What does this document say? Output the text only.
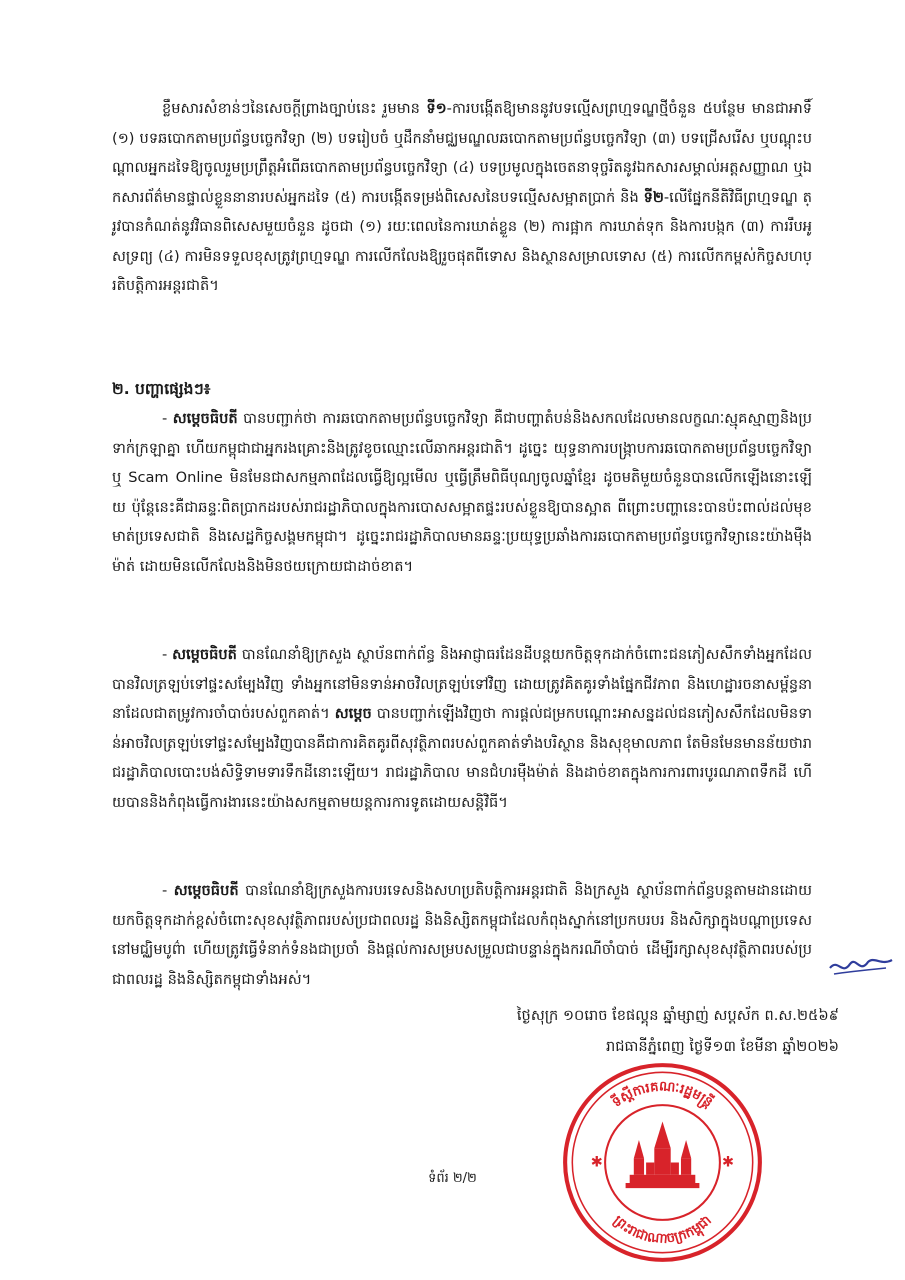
ខ្លឹមសារសំខាន់ៗនៃសេចក្ដីព្រាងច្បាប់នេះ រួមមាន ទី១-ការបង្កើតឱ្យមាននូវបទល្មើសព្រហ្មទណ្ឌថ្មីចំនួន ៥បន្ថែម មានជាអាទិ៍ (១) បទឆបោកតាមប្រព័ន្ធបច្ចេកវិទ្យា (២) បទរៀបចំ ឬដឹកនាំមជ្ឈមណ្ឌលឆបោកតាមប្រព័ន្ធបច្ចេកវិទ្យា (៣) បទជ្រើសរើស ឬបណ្ដុះបណ្ដាលអ្នកដទៃឱ្យចូលរួមប្រព្រឹត្តអំពើឆបោកតាមប្រព័ន្ធបច្ចេកវិទ្យា (៤) បទប្រមូលក្នុងចេតនាទុច្ចរិតនូវឯកសារសម្គាល់អត្តសញ្ញាណ ឬឯកសារព័ត៌មានផ្ទាល់ខ្លួននានារបស់អ្នកដទៃ (៥) ការបង្កើតទម្រង់ពិសេសនៃបទល្មើសសម្អាតប្រាក់ និង ទី២-លើផ្នែកនីតិវិធីព្រហ្មទណ្ឌ ត្រូវបានកំណត់នូវវិធានពិសេសមួយចំនួន ដូចជា (១) រយៈពេលនៃការឃាត់ខ្លួន (២) ការផ្អាក ការឃាត់ទុក និងការបង្កក (៣) ការរឹបអូសទ្រព្យ (៤) ការមិនទទួលខុសត្រូវព្រហ្មទណ្ឌ ការលើកលែងឱ្យរួចផុតពីទោស និងស្ថានសម្រាលទោស (៥) ការលើកកម្ពស់កិច្ចសហប្រតិបត្តិការអន្តរជាតិ។

២. បញ្ហាផ្សេងៗ៖

- សម្ដេចធិបតី បានបញ្ជាក់ថា ការឆបោកតាមប្រព័ន្ធបច្ចេកវិទ្យា គឺជាបញ្ហាតំបន់និងសកលដែលមានលក្ខណៈស្មុគស្មាញនិងប្រទាក់ក្រឡាគ្នា ហើយកម្ពុជាជាអ្នករងគ្រោះនិងត្រូវខូចឈ្មោះលើឆាកអន្តរជាតិ។ ដូច្នេះ យុទ្ធនាការបង្ក្រាបការឆបោកតាមប្រព័ន្ធបច្ចេកវិទ្យា ឬ Scam Online មិនមែនជាសកម្មភាពដែលធ្វើឱ្យល្អមើល ឬធ្វើត្រឹមពិធីបុណ្យចូលឆ្នាំខ្មែរ ដូចមតិមួយចំនួនបានលើកឡើងនោះឡើយ ប៉ុន្តែនេះគឺជាឆន្ទៈពិតប្រាកដរបស់រាជរដ្ឋាភិបាលក្នុងការបោសសម្អាតផ្ទះរបស់ខ្លួនឱ្យបានស្អាត ពីព្រោះបញ្ហានេះបានប៉ះពាល់ដល់មុខមាត់ប្រទេសជាតិ និងសេដ្ឋកិច្ចសង្គមកម្ពុជា។ ដូច្នេះរាជរដ្ឋាភិបាលមានឆន្ទៈប្រយុទ្ធប្រឆាំងការឆបោកតាមប្រព័ន្ធបច្ចេកវិទ្យានេះយ៉ាងម៉ឺងម៉ាត់ ដោយមិនលើកលែងនិងមិនថយក្រោយជាដាច់ខាត។

- សម្ដេចធិបតី បានណែនាំឱ្យក្រសួង ស្ថាប័នពាក់ព័ន្ធ និងអាជ្ញាធរដែនដីបន្តយកចិត្តទុកដាក់ចំពោះជនភៀសសឹកទាំងអ្នកដែលបានវិលត្រឡប់ទៅផ្ទះសម្បែងវិញ ទាំងអ្នកនៅមិនទាន់អាចវិលត្រឡប់ទៅវិញ ដោយត្រូវគិតគូរទាំងផ្នែកជីវភាព និងហេដ្ឋារចនាសម្ព័ន្ធនានាដែលជាតម្រូវការចាំបាច់របស់ពួកគាត់។ សម្ដេច បានបញ្ជាក់ឡើងវិញថា ការផ្ដល់ជម្រកបណ្ដោះអាសន្នដល់ជនភៀសសឹកដែលមិនទាន់អាចវិលត្រឡប់ទៅផ្ទះសម្បែងវិញបានគឺជាការគិតគូរពីសុវត្ថិភាពរបស់ពួកគាត់ទាំងបរិស្ថាន និងសុខុមាលភាព តែមិនមែនមានន័យថារាជរដ្ឋាភិបាលបោះបង់សិទ្ធិទាមទារទឹកដីនោះឡើយ។ រាជរដ្ឋាភិបាល មានជំហរម៉ឺងម៉ាត់ និងដាច់ខាតក្នុងការការពារបូរណភាពទឹកដី ហើយបាននិងកំពុងធ្វើការងារនេះយ៉ាងសកម្មតាមយន្តការការទូតដោយសន្តិវិធី។

- សម្ដេចធិបតី បានណែនាំឱ្យក្រសួងការបរទេសនិងសហប្រតិបត្តិការអន្តរជាតិ និងក្រសួង ស្ថាប័នពាក់ព័ន្ធបន្តតាមដានដោយយកចិត្តទុកដាក់ខ្ពស់ចំពោះសុខសុវត្ថិភាពរបស់ប្រជាពលរដ្ឋ និងនិស្សិតកម្ពុជាដែលកំពុងស្នាក់នៅប្រកបរបរ និងសិក្សាក្នុងបណ្ដាប្រទេសនៅមជ្ឈិមបូព៌ា ហើយត្រូវធ្វើទំនាក់ទំនងជាប្រចាំ និងផ្ដល់ការសម្របសម្រួលជាបន្ទាន់ក្នុងករណីចាំបាច់ ដើម្បីរក្សាសុខសុវត្ថិភាពរបស់ប្រជាពលរដ្ឋ និងនិស្សិតកម្ពុជាទាំងអស់។

ថ្ងៃសុក្រ ១០រោច ខែផល្គុន ឆ្នាំម្សាញ់ សប្តស័ក ព.ស.២៥៦៩
រាជធានីភ្នំពេញ ថ្ងៃទី១៣ ខែមីនា ឆ្នាំ២០២៦
ទីស្តីការគណៈរដ្ឋមន្ត្រី
ព្រះរាជាណាចក្រកម្ពុជា
✱	✱
ទំព័រ ២/២
